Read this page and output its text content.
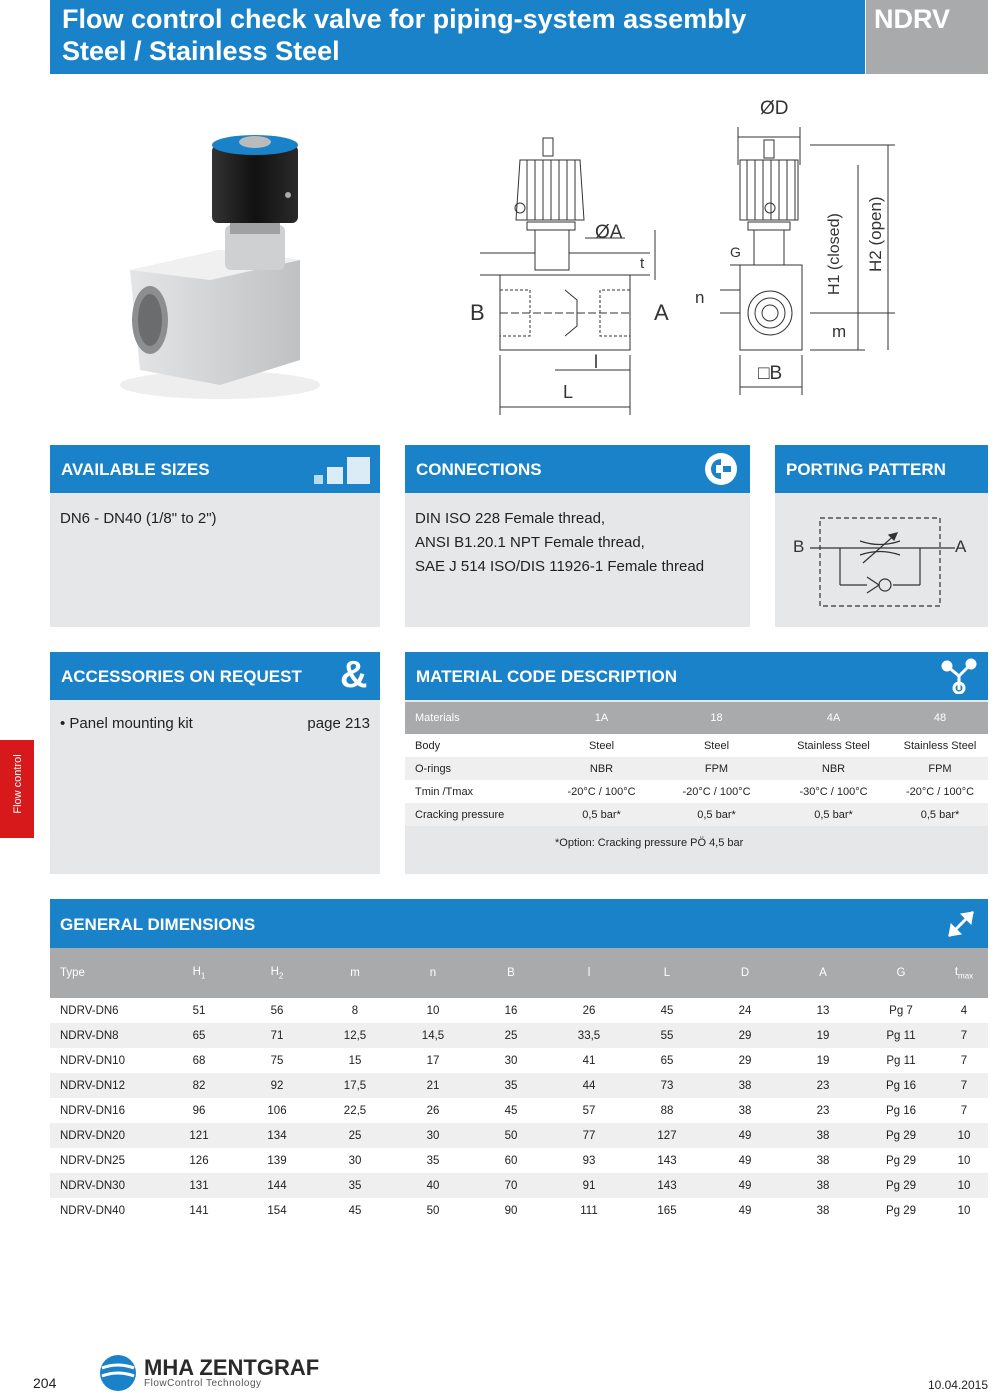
Flow control check valve for piping-system assembly
Steel / Stainless Steel
NDRV
ØA
t
B	A
l
L
ØD
G
n
H1 (closed) H2 (open)
m
□B
AVAILABLE SIZES
DN6 - DN40 (1/8" to 2")
CONNECTIONS
DIN ISO 228 Female thread,
ANSI B1.20.1 NPT Female thread,
SAE J 514 ISO/DIS 11926-1 Female thread
PORTING PATTERN
B	A
ACCESSORIES ON REQUEST &
• Panel mounting kit	page 213
MATERIAL CODE DESCRIPTION
Materials	1A	18	4A	48
Body	Steel	Steel	Stainless Steel	Stainless Steel
O-rings	NBR	FPM	NBR	FPM
Tmin /Tmax	-20°C / 100°C	-20°C / 100°C	-30°C / 100°C	-20°C / 100°C
Cracking pressure	0,5 bar*	0,5 bar*	0,5 bar*	0,5 bar*
*Option: Cracking pressure PÖ 4,5 bar
GENERAL DIMENSIONS
Type	$H_1$	$H_2$	m	n	B	l	L	D	A	G	$t_{max}$
NDRV-DN6	51	56	8	10	16	26	45	24	13	Pg 7	4
NDRV-DN8	65	71	12,5	14,5	25	33,5	55	29	19	Pg 11	7
NDRV-DN10	68	75	15	17	30	41	65	29	19	Pg 11	7
NDRV-DN12	82	92	17,5	21	35	44	73	38	23	Pg 16	7
NDRV-DN16	96	106	22,5	26	45	57	88	38	23	Pg 16	7
NDRV-DN20	121	134	25	30	50	77	127	49	38	Pg 29	10
NDRV-DN25	126	139	30	35	60	93	143	49	38	Pg 29	10
NDRV-DN30	131	144	35	40	70	91	143	49	38	Pg 29	10
NDRV-DN40	141	154	45	50	90	111	165	49	38	Pg 29	10
Flow control
204
MHA ZENTGRAF
FlowControl Technology	10.04.2015
